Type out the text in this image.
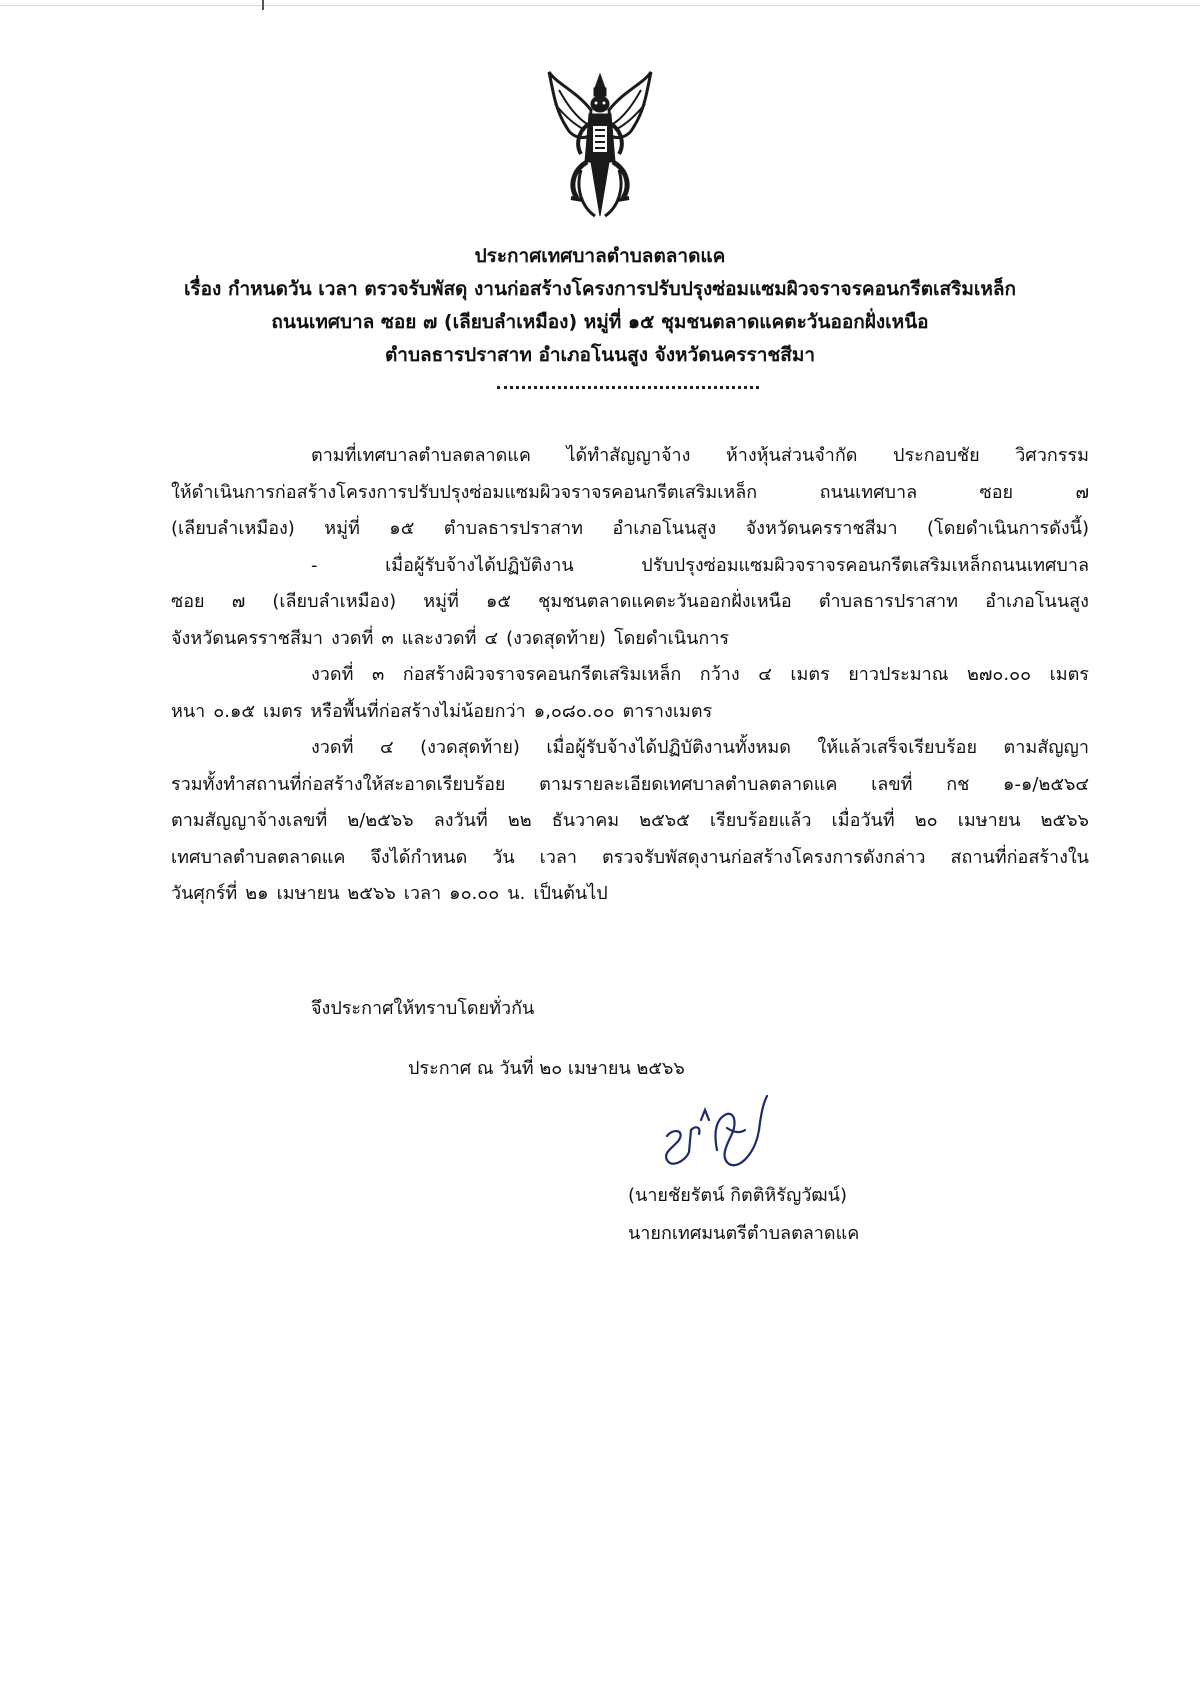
ประกาศเทศบาลตำบลตลาดแค
เรื่อง กำหนดวัน เวลา ตรวจรับพัสดุ งานก่อสร้างโครงการปรับปรุงซ่อมแซมผิวจราจรคอนกรีตเสริมเหล็ก
ถนนเทศบาล ซอย ๗ (เลียบลำเหมือง) หมู่ที่ ๑๕ ชุมชนตลาดแคตะวันออกฝั่งเหนือ
ตำบลธารปราสาท อำเภอโนนสูง จังหวัดนครราชสีมา
ตามที่เทศบาลตำบลตลาดแค ได้ทำสัญญาจ้าง ห้างหุ้นส่วนจำกัด ประกอบชัย วิศวกรรม
ให้ดำเนินการก่อสร้างโครงการปรับปรุงซ่อมแซมผิวจราจรคอนกรีตเสริมเหล็ก	ถนนเทศบาล	ซอย	๗
(เลียบลำเหมือง) หมู่ที่ ๑๕ ตำบลธารปราสาท อำเภอโนนสูง จังหวัดนครราชสีมา (โดยดำเนินการดังนี้)
-	เมื่อผู้รับจ้างได้ปฏิบัติงาน	ปรับปรุงซ่อมแซมผิวจราจรคอนกรีตเสริมเหล็กถนนเทศบาล
ซอย ๗ (เลียบลำเหมือง) หมู่ที่ ๑๕ ชุมชนตลาดแคตะวันออกฝั่งเหนือ ตำบลธารปราสาท อำเภอโนนสูง
จังหวัดนครราชสีมา งวดที่ ๓ และงวดที่ ๔ (งวดสุดท้าย) โดยดำเนินการ
งวดที่ ๓ ก่อสร้างผิวจราจรคอนกรีตเสริมเหล็ก กว้าง ๔ เมตร ยาวประมาณ ๒๗๐.๐๐ เมตร
หนา ๐.๑๕ เมตร หรือพื้นที่ก่อสร้างไม่น้อยกว่า ๑,๐๘๐.๐๐ ตารางเมตร
งวดที่ ๔ (งวดสุดท้าย) เมื่อผู้รับจ้างได้ปฏิบัติงานทั้งหมด ให้แล้วเสร็จเรียบร้อย ตามสัญญา
รวมทั้งทำสถานที่ก่อสร้างให้สะอาดเรียบร้อย ตามรายละเอียดเทศบาลตำบลตลาดแค เลขที่ กช ๑-๑/๒๕๖๔
ตามสัญญาจ้างเลขที่ ๒/๒๕๖๖ ลงวันที่ ๒๒ ธันวาคม ๒๕๖๕ เรียบร้อยแล้ว เมื่อวันที่ ๒๐ เมษายน ๒๕๖๖
เทศบาลตำบลตลาดแค จึงได้กำหนด วัน เวลา ตรวจรับพัสดุงานก่อสร้างโครงการดังกล่าว สถานที่ก่อสร้างใน
วันศุกร์ที่ ๒๑ เมษายน ๒๕๖๖ เวลา ๑๐.๐๐ น. เป็นต้นไป
จึงประกาศให้ทราบโดยทั่วกัน
ประกาศ ณ วันที่ ๒๐ เมษายน ๒๕๖๖
(นายชัยรัตน์ กิตติหิรัญวัฒน์)
นายกเทศมนตรีตำบลตลาดแค
